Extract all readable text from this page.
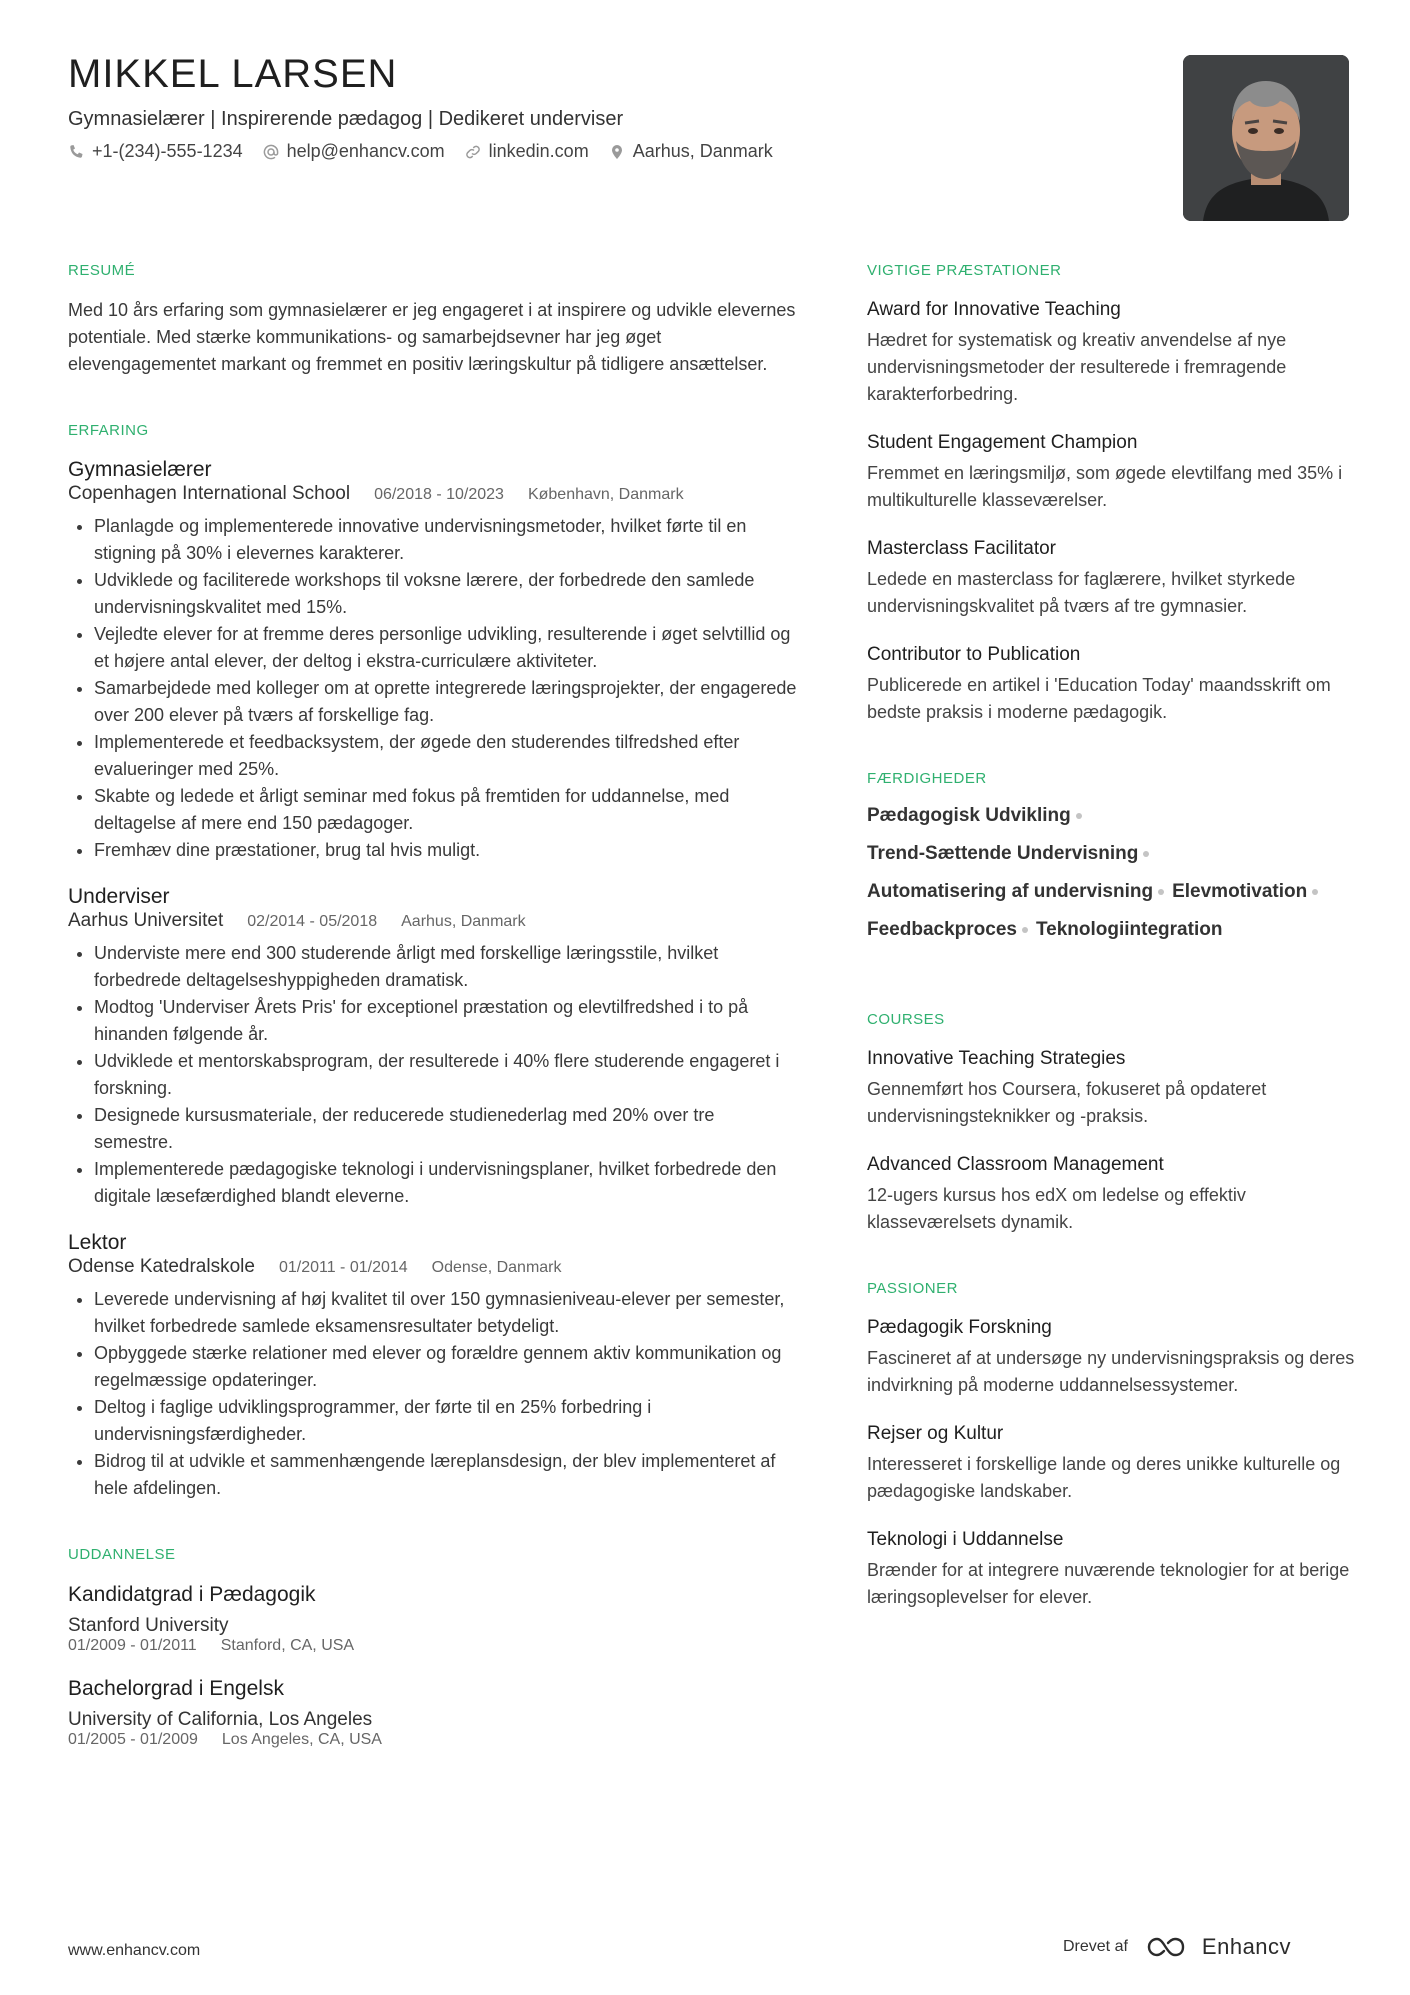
MIKKEL LARSEN
Gymnasielærer | Inspirerende pædagog | Dedikeret underviser
+1-(234)-555-1234 help@enhancv.com linkedin.com Aarhus, Danmark
RESUMÉ
Med 10 års erfaring som gymnasielærer er jeg engageret i at inspirere og udvikle elevernes potentiale. Med stærke kommunikations- og samarbejdsevner har jeg øget elevengagementet markant og fremmet en positiv læringskultur på tidligere ansættelser.
ERFARING
Gymnasielærer
Copenhagen International School 06/2018 - 10/2023 København, Danmark
• Planlagde og implementerede innovative undervisningsmetoder, hvilket førte til en stigning på 30% i elevernes karakterer.
• Udviklede og faciliterede workshops til voksne lærere, der forbedrede den samlede undervisningskvalitet med 15%.
• Vejledte elever for at fremme deres personlige udvikling, resulterende i øget selvtillid og et højere antal elever, der deltog i ekstra-curriculære aktiviteter.
• Samarbejdede med kolleger om at oprette integrerede læringsprojekter, der engagerede over 200 elever på tværs af forskellige fag.
• Implementerede et feedbacksystem, der øgede den studerendes tilfredshed efter evalueringer med 25%.
• Skabte og ledede et årligt seminar med fokus på fremtiden for uddannelse, med deltagelse af mere end 150 pædagoger.
• Fremhæv dine præstationer, brug tal hvis muligt.
Underviser
Aarhus Universitet 02/2014 - 05/2018 Aarhus, Danmark
• Underviste mere end 300 studerende årligt med forskellige læringsstile, hvilket forbedrede deltagelseshyppigheden dramatisk.
• Modtog 'Underviser Årets Pris' for exceptionel præstation og elevtilfredshed i to på hinanden følgende år.
• Udviklede et mentorskabsprogram, der resulterede i 40% flere studerende engageret i forskning.
• Designede kursusmateriale, der reducerede studienederlag med 20% over tre semestre.
• Implementerede pædagogiske teknologi i undervisningsplaner, hvilket forbedrede den digitale læsefærdighed blandt eleverne.
Lektor
Odense Katedralskole 01/2011 - 01/2014 Odense, Danmark
• Leverede undervisning af høj kvalitet til over 150 gymnasieniveau-elever per semester, hvilket forbedrede samlede eksamensresultater betydeligt.
• Opbyggede stærke relationer med elever og forældre gennem aktiv kommunikation og regelmæssige opdateringer.
• Deltog i faglige udviklingsprogrammer, der førte til en 25% forbedring i undervisningsfærdigheder.
• Bidrog til at udvikle et sammenhængende læreplansdesign, der blev implementeret af hele afdelingen.
UDDANNELSE
Kandidatgrad i Pædagogik
Stanford University
01/2009 - 01/2011 Stanford, CA, USA
Bachelorgrad i Engelsk
University of California, Los Angeles
01/2005 - 01/2009 Los Angeles, CA, USA
VIGTIGE PRÆSTATIONER
Award for Innovative Teaching
Hædret for systematisk og kreativ anvendelse af nye undervisningsmetoder der resulterede i fremragende karakterforbedring.
Student Engagement Champion
Fremmet en læringsmiljø, som øgede elevtilfang med 35% i multikulturelle klasseværelser.
Masterclass Facilitator
Ledede en masterclass for faglærere, hvilket styrkede undervisningskvalitet på tværs af tre gymnasier.
Contributor to Publication
Publicerede en artikel i 'Education Today' maandsskrift om bedste praksis i moderne pædagogik.
FÆRDIGHEDER
Pædagogisk Udvikling
Trend-Sættende Undervisning
Automatisering af undervisning Elevmotivation
Feedbackproces Teknologiintegration
COURSES
Innovative Teaching Strategies
Gennemført hos Coursera, fokuseret på opdateret undervisningsteknikker og -praksis.
Advanced Classroom Management
12-ugers kursus hos edX om ledelse og effektiv klasseværelsets dynamik.
PASSIONER
Pædagogik Forskning
Fascineret af at undersøge ny undervisningspraksis og deres indvirkning på moderne uddannelsessystemer.
Rejser og Kultur
Interesseret i forskellige lande og deres unikke kulturelle og pædagogiske landskaber.
Teknologi i Uddannelse
Brænder for at integrere nuværende teknologier for at berige læringsoplevelser for elever.
www.enhancv.com	Drevet af	Enhancv
